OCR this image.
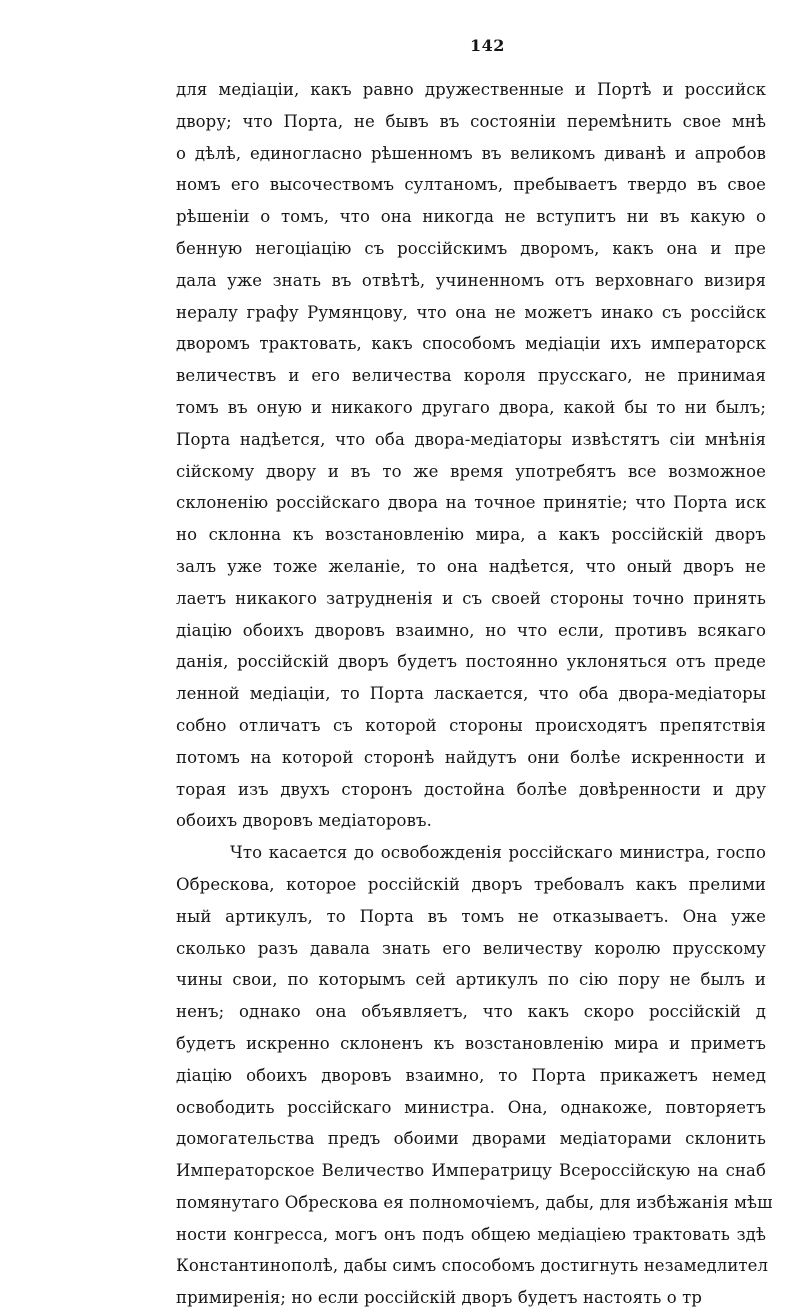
142
для медіаціи, какъ равно дружественные и Портѣ и российск
двору; что Порта, не бывъ въ состояніи перемѣнить свое мнѣ
о дѣлѣ, единогласно рѣшенномъ въ великомъ диванѣ и апробов
номъ его высочествомъ султаномъ, пребываетъ твердо въ свое
рѣшеніи о томъ, что она никогда не вступитъ ни въ какую о
бенную негоціацію съ россійскимъ дворомъ, какъ она и пре
дала уже знать въ отвѣтѣ, учиненномъ отъ верховнаго визиря
нералу графу Румянцову, что она не можетъ инако съ россійск
дворомъ трактовать, какъ способомъ медіаціи ихъ императорск
величествъ и его величества короля прусскаго, не принимая
томъ въ оную и никакого другаго двора, какой бы то ни былъ;
Порта надѣется, что оба двора-медіаторы извѣстятъ сіи мнѣнія
сійскому двору и въ то же время употребятъ все возможное
склоненію россійскаго двора на точное принятіе; что Порта иск
но склонна къ возстановленію мира, а какъ россійскій дворъ
залъ уже тоже желаніе, то она надѣется, что оный дворъ не
лаетъ никакого затрудненія и съ своей стороны точно принять
діацію обоихъ дворовъ взаимно, но что если, противъ всякаго
данія, россійскій дворъ будетъ постоянно уклоняться отъ преде
ленной медіаціи, то Порта ласкается, что оба двора-медіаторы
собно отличатъ съ которой стороны происходятъ препятствія
потомъ на которой сторонѣ найдутъ они болѣе искренности и
торая изъ двухъ сторонъ достойна болѣе довѣренности и дру
обоихъ дворовъ медіаторовъ.
Что касается до освобожденія россійскаго министра, госпо
Обрескова, которое россійскій дворъ требовалъ какъ прелими
ный артикулъ, то Порта въ томъ не отказываетъ. Она уже
сколько разъ давала знать его величеству королю прусскому
чины свои, по которымъ сей артикулъ по сію пору не былъ и
ненъ; однако она объявляетъ, что какъ скоро россійскій д
будетъ искренно склоненъ къ возстановленію мира и приметъ
діацію обоихъ дворовъ взаимно, то Порта прикажетъ немед
освободить россійскаго министра. Она, однакоже, повторяетъ
домогательства предъ обоими дворами медіаторами склонить
Императорское Величество Императрицу Всероссійскую на снаб
помянутаго Обрескова ея полномочіемъ, дабы, для избѣжанія мѣш
ности конгресса, могъ онъ подъ общею медіаціею трактовать здѣ
Константинополѣ, дабы симъ способомъ достигнуть незамедлител
примиренія; но если россійскій дворъ будетъ настоять о тр
